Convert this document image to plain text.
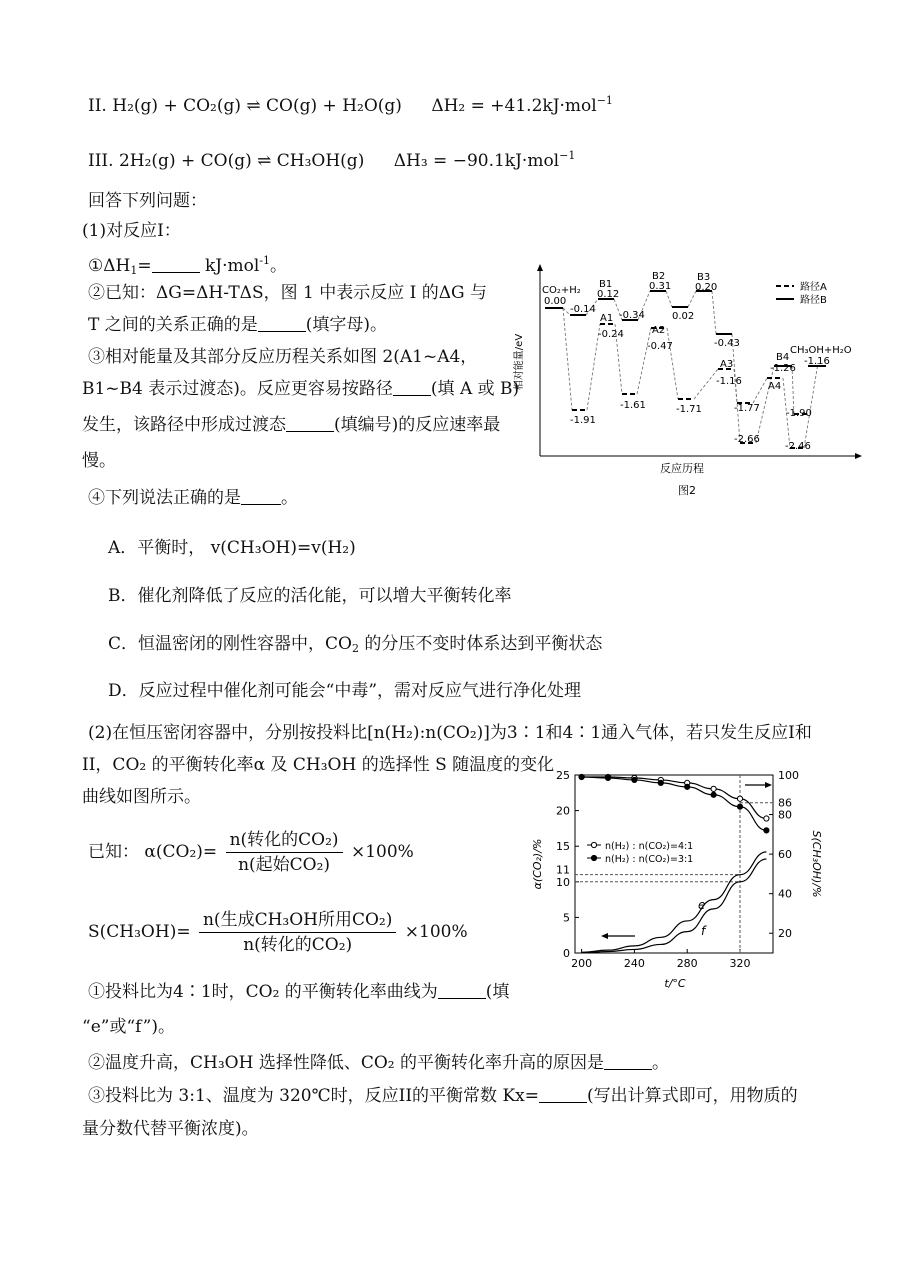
II. H₂(g) + CO₂(g) ⇌ CO(g) + H₂O(g) ΔH₂ = +41.2kJ·mol$^{-1}$
III. 2H₂(g) + CO(g) ⇌ CH₃OH(g) ΔH₃ = −90.1kJ·mol$^{-1}$
回答下列问题：
(1)对反应I：
$①\Delta H_1=$	kJ·mol$^{-1}$。
②已知：ΔG=ΔH-TΔS，图 1 中表示反应 I 的ΔG 与
T 之间的关系正确的是	(填字母)。
③相对能量及其部分反应历程关系如图 2(A1~A4，
B1~B4 表示过渡态)。反应更容易按路径 (填 A 或 B)
发生，该路径中形成过渡态	(填编号)的反应速率最
慢。
④下列说法正确的是 。
A．平衡时， v(CH₃OH)=v(H₂)
B．催化剂降低了反应的活化能，可以增大平衡转化率
C．恒温密闭的刚性容器中，$CO_2$ 的分压不变时体系达到平衡状态
D．反应过程中催化剂可能会“中毒”，需对反应气进行净化处理
(2)在恒压密闭容器中，分别按投料比[n(H₂):n(CO₂)]为3∶1和4∶1通入气体，若只发生反应I和
II，CO₂ 的平衡转化率α 及 CH₃OH 的选择性 S 随温度的变化
曲线如图所示。
已知： $\alpha(CO_2)= \frac{\text{n(转化的CO₂)}}{\text{n(起始CO₂)}} \times 100\%$
$S(CH_3OH)= \frac{\text{n(生成CH₃OH所用CO₂)}}{\text{n(转化的CO₂)}} \times 100\%$
①投料比为4∶1时，CO₂ 的平衡转化率曲线为	(填
“e”或“f”)。
②温度升高，CH₃OH 选择性降低、CO₂ 的平衡转化率升高的原因是	。
③投料比为 3:1、温度为 320℃时，反应II的平衡常数 Kx=	(写出计算式即可，用物质的
量分数代替平衡浓度)。
相对能量/eV
反应历程
图2
路径A
路径B
CO₂+H₂
0.00
-0.14
B1
0.12
A1
-0.24
-0.34
B2
0.31
0.02
A2
-0.47
B3
0.20
-0.43
-1.91
-1.61	-1.71
A3
-1.16
-1.77
-2.66
B4
-1.26
A4
-1.90
-2.46
CH₃OH+H₂O
-1.16
α(CO₂)/%	S(CH₃OH)/%
t/°C
200	240	280	320
0
5
10
15
20
25
20
40
60
80
100
11
86
n(H₂) : n(CO₂)=4:1
n(H₂) : n(CO₂)=3:1
e
f
